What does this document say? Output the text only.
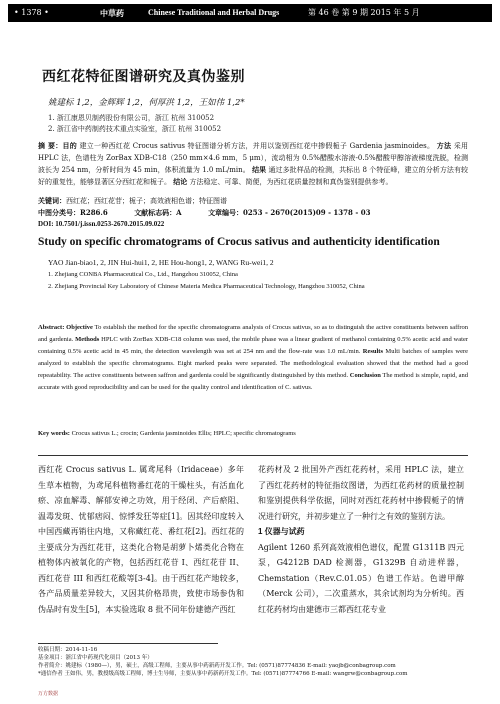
• 1378 •	中草药	Chinese Traditional and Herbal Drugs	第 46 卷 第 9 期 2015 年 5 月
西红花特征图谱研究及真伪鉴别
姚建标 1,2，金辉辉 1,2，何厚洪 1,2，王如伟 1,2*
1. 浙江康恩贝制药股份有限公司，浙江 杭州 310052
2. 浙江省中药制药技术重点实验室，浙江 杭州 310052
摘 要：目的 建立一种西红花 Crocus sativus 特征图谱分析方法，并用以鉴别西红花中掺假栀子 Gardenia jasminoides。 方法 采用 HPLC 法，色谱柱为 ZorBax XDB-C18（250 mm×4.6 mm，5 μm），流动相为 0.5%醋酸水溶液-0.5%醋酸甲醇溶液梯度洗脱，检测波长为 254 nm，分析时间为 45 min，体积流量为 1.0 mL/min。 结果 通过多批样品的检测，共标出 8 个特征峰，建立的分析方法有较好的重复性，能够显著区分西红花和栀子。 结论 方法稳定、可靠、简便，为西红花质量控制和真伪鉴别提供参考。
关键词：西红花；西红花苷；栀子；高效液相色谱；特征图谱
中图分类号：R286.6	文献标志码：A	文章编号：0253 - 2670(2015)09 - 1378 - 03
DOI: 10.7501/j.issn.0253-2670.2015.09.022
Study on specific chromatograms of Crocus sativus and authenticity identification
YAO Jian-biao1, 2, JIN Hui-hui1, 2, HE Hou-hong1, 2, WANG Ru-wei1, 2
1. Zhejiang CONBA Pharmaceutical Co., Ltd., Hangzhou 310052, China
2. Zhejiang Provincial Key Laboratory of Chinese Materia Medica Pharmaceutical Technology, Hangzhou 310052, China
Abstract: Objective To establish the method for the specific chromatograms analysis of Crocus sativus, so as to distinguish the active constituents between saffron and gardenia. Methods HPLC with ZorBax XDB-C18 column was used, the mobile phase was a linear gradient of methanol containing 0.5% acetic acid and water containing 0.5% acetic acid in 45 min, the detection wavelength was set at 254 nm and the flow-rate was 1.0 mL/min. Results Multi batches of samples were analyzed to establish the specific chromatograms. Eight marked peaks were separated. The methodological evaluation showed that the method had a good repeatability. The active constituents between saffron and gardenia could be significantly distinguished by this method. Conclusion The method is simple, rapid, and accurate with good reproducibility and can be used for the quality control and identification of C. sativus.
Key words: Crocus sativus L.; crocin; Gardenia jasminoides Ellis; HPLC; specific chromatograms
西红花 Crocus sativus L. 属鸢尾科（Iridaceae）多年生草本植物，为鸢尾科植物番红花的干燥柱头，有活血化瘀、凉血解毒、解郁安神之功效，用于经闭、产后瘀阻、温毒发斑、忧郁痞闷、惊悸发狂等症[1]。因其经印度转入中国西藏再销往内地，又称藏红花、番红花[2]。西红花的主要成分为西红花苷，这类化合物是胡萝卜烯类化合物在植物体内被氧化的产物，包括西红花苷 I、西红花苷 II、西红花苷 III 和西红花酸等[3-4]。由于西红花产地较多，各产品质量差异较大，又因其价格昂贵，致使市场参伪和伪品时有发生[5]，本实验选取 8 批不同年份建德产西红
花药材及 2 批国外产西红花药材，采用 HPLC 法，建立了西红花药材的特征指纹图谱，为西红花药材的质量控制和鉴别提供科学依据，同时对西红花药材中掺假栀子的情况进行研究，并初步建立了一种行之有效的鉴别方法。
1 仪器与试药
Agilent 1260 系列高效液相色谱仪，配置 G1311B 四元泵，G4212B DAD 检测器，G1329B 自动进样器，Chemstation（Rev.C.01.05）色谱工作站。色谱甲醇（Merck 公司），二次重蒸水，其余试剂均为分析纯。西红花药材均由建德市三都西红花专业
收稿日期：2014-11-16
基金项目：浙江省中药现代化项目（2013 年）
作者简介：姚建标（1980—），男，硕士，高级工程师，主要从事中药新药开发工作。Tel: (0571)87774836 E-mail: yaojb@conbagroup.com
*通信作者 王如伟，男，教授级高级工程师，博士生导师，主要从事中药新药开发工作。Tel: (0571)87774766 E-mail: wangrw@conbagroup.com
万方数据
